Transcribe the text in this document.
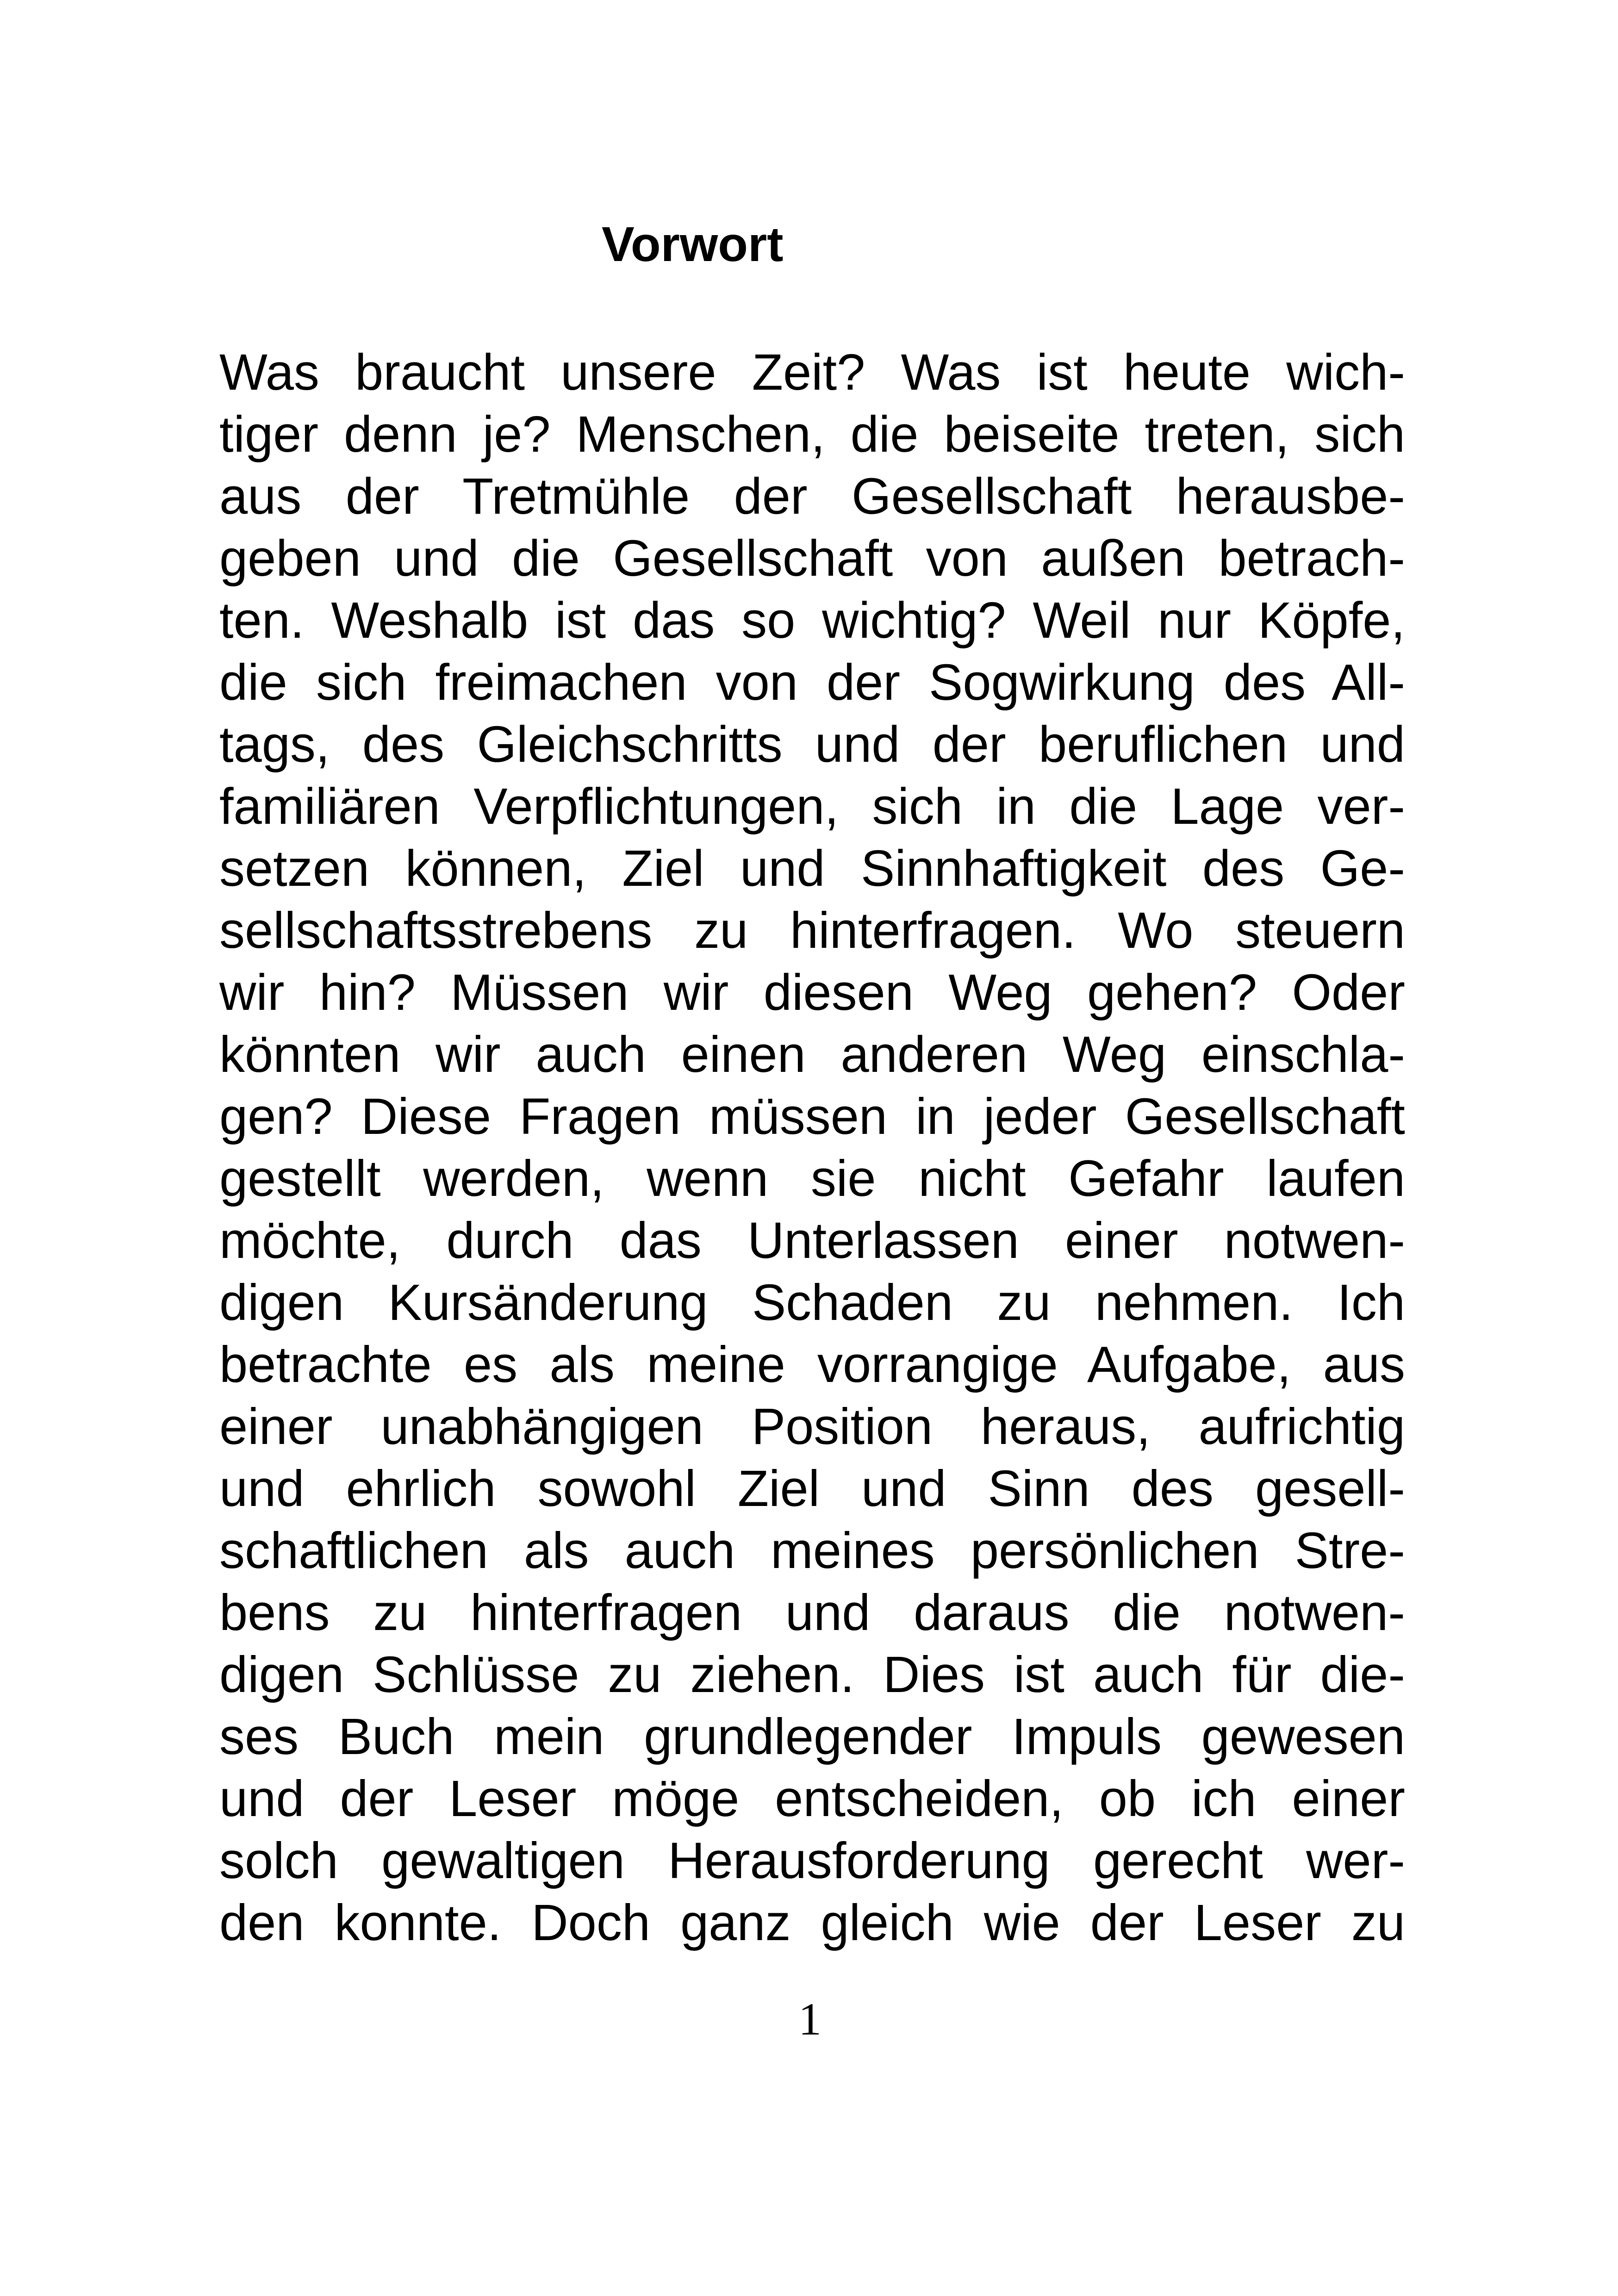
Vorwort
Was braucht unsere Zeit? Was ist heute wich-
tiger denn je? Menschen, die beiseite treten, sich
aus der Tretmühle der Gesellschaft herausbe-
geben und die Gesellschaft von außen betrach-
ten. Weshalb ist das so wichtig? Weil nur Köpfe,
die sich freimachen von der Sogwirkung des All-
tags, des Gleichschritts und der beruflichen und
familiären Verpflichtungen, sich in die Lage ver-
setzen können, Ziel und Sinnhaftigkeit des Ge-
sellschaftsstrebens zu hinterfragen. Wo steuern
wir hin? Müssen wir diesen Weg gehen? Oder
könnten wir auch einen anderen Weg einschla-
gen? Diese Fragen müssen in jeder Gesellschaft
gestellt werden, wenn sie nicht Gefahr laufen
möchte, durch das Unterlassen einer notwen-
digen Kursänderung Schaden zu nehmen. Ich
betrachte es als meine vorrangige Aufgabe, aus
einer unabhängigen Position heraus, aufrichtig
und ehrlich sowohl Ziel und Sinn des gesell-
schaftlichen als auch meines persönlichen Stre-
bens zu hinterfragen und daraus die notwen-
digen Schlüsse zu ziehen. Dies ist auch für die-
ses Buch mein grundlegender Impuls gewesen
und der Leser möge entscheiden, ob ich einer
solch gewaltigen Herausforderung gerecht wer-
den konnte. Doch ganz gleich wie der Leser zu
1
